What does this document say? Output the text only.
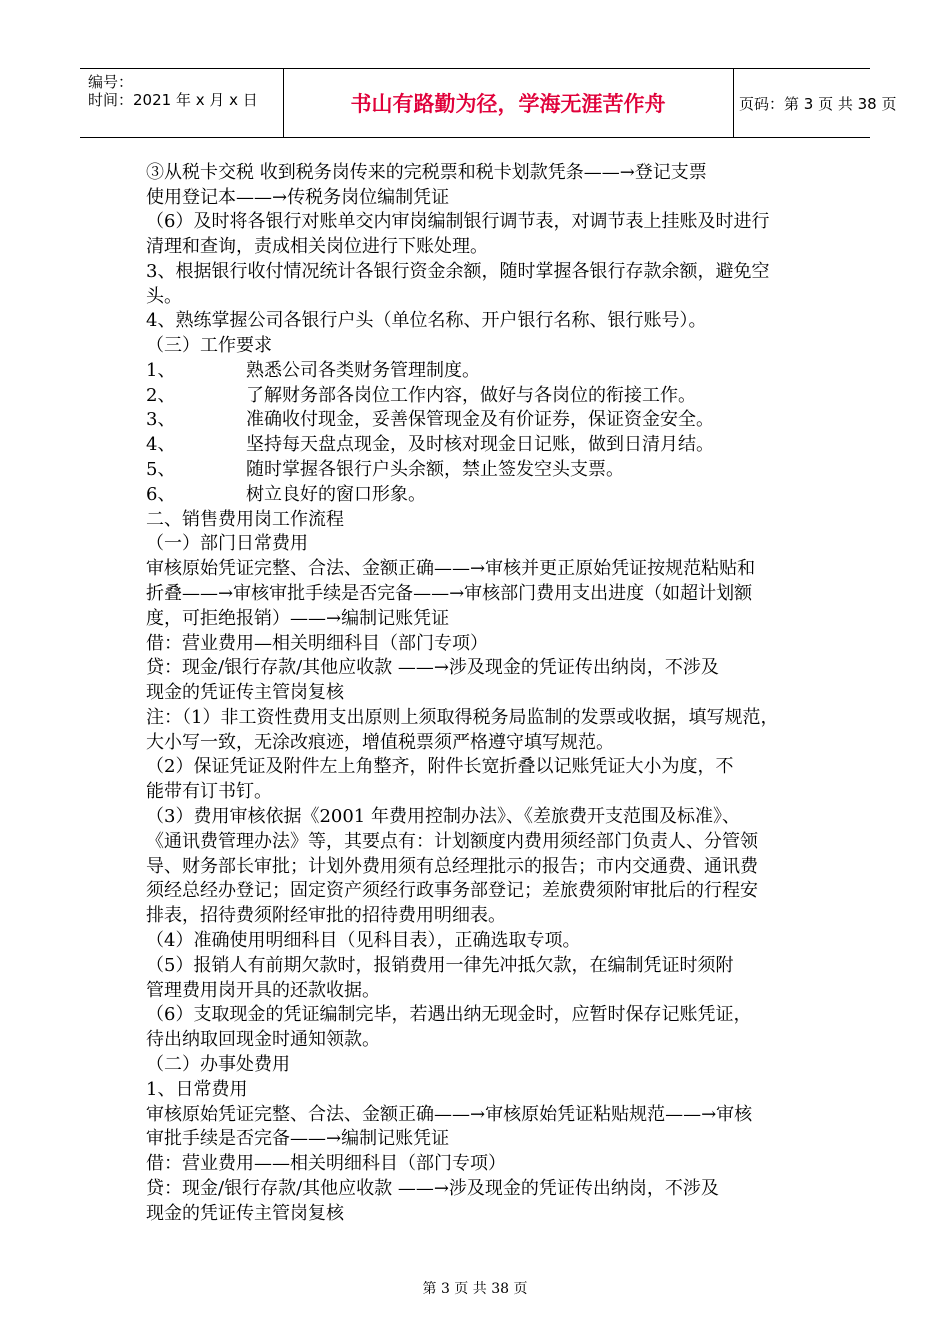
编号：
时间：2021 年 x 月 x 日	书山有路勤为径，学海无涯苦作舟	页码：第 3 页 共 38 页
③从税卡交税 收到税务岗传来的完税票和税卡划款凭条——→登记支票
使用登记本——→传税务岗位编制凭证
（6）及时将各银行对账单交内审岗编制银行调节表，对调节表上挂账及时进行
清理和查询，责成相关岗位进行下账处理。
3、根据银行收付情况统计各银行资金余额，随时掌握各银行存款余额，避免空
头。
4、熟练掌握公司各银行户头（单位名称、开户银行名称、银行账号）。
（三）工作要求
1、	熟悉公司各类财务管理制度。
2、	了解财务部各岗位工作内容，做好与各岗位的衔接工作。
3、	准确收付现金，妥善保管现金及有价证券，保证资金安全。
4、	坚持每天盘点现金，及时核对现金日记账，做到日清月结。
5、	随时掌握各银行户头余额，禁止签发空头支票。
6、	树立良好的窗口形象。
二、销售费用岗工作流程
（一）部门日常费用
审核原始凭证完整、合法、金额正确——→审核并更正原始凭证按规范粘贴和
折叠——→审核审批手续是否完备——→审核部门费用支出进度（如超计划额
度，可拒绝报销）——→编制记账凭证
借：营业费用—相关明细科目（部门专项）
贷：现金/银行存款/其他应收款 ——→涉及现金的凭证传出纳岗，不涉及
现金的凭证传主管岗复核
注：（1）非工资性费用支出原则上须取得税务局监制的发票或收据，填写规范，
大小写一致，无涂改痕迹，增值税票须严格遵守填写规范。
（2）保证凭证及附件左上角整齐，附件长宽折叠以记账凭证大小为度，不
能带有订书钉。
（3）费用审核依据《2001 年费用控制办法》、《差旅费开支范围及标准》、
《通讯费管理办法》等，其要点有：计划额度内费用须经部门负责人、分管领
导、财务部长审批；计划外费用须有总经理批示的报告；市内交通费、通讯费
须经总经办登记；固定资产须经行政事务部登记；差旅费须附审批后的行程安
排表，招待费须附经审批的招待费用明细表。
（4）准确使用明细科目（见科目表），正确选取专项。
（5）报销人有前期欠款时，报销费用一律先冲抵欠款，在编制凭证时须附
管理费用岗开具的还款收据。
（6）支取现金的凭证编制完毕，若遇出纳无现金时，应暂时保存记账凭证，
待出纳取回现金时通知领款。
（二）办事处费用
1、日常费用
审核原始凭证完整、合法、金额正确——→审核原始凭证粘贴规范——→审核
审批手续是否完备——→编制记账凭证
借：营业费用——相关明细科目（部门专项）
贷：现金/银行存款/其他应收款 ——→涉及现金的凭证传出纳岗，不涉及
现金的凭证传主管岗复核
第 3 页 共 38 页
